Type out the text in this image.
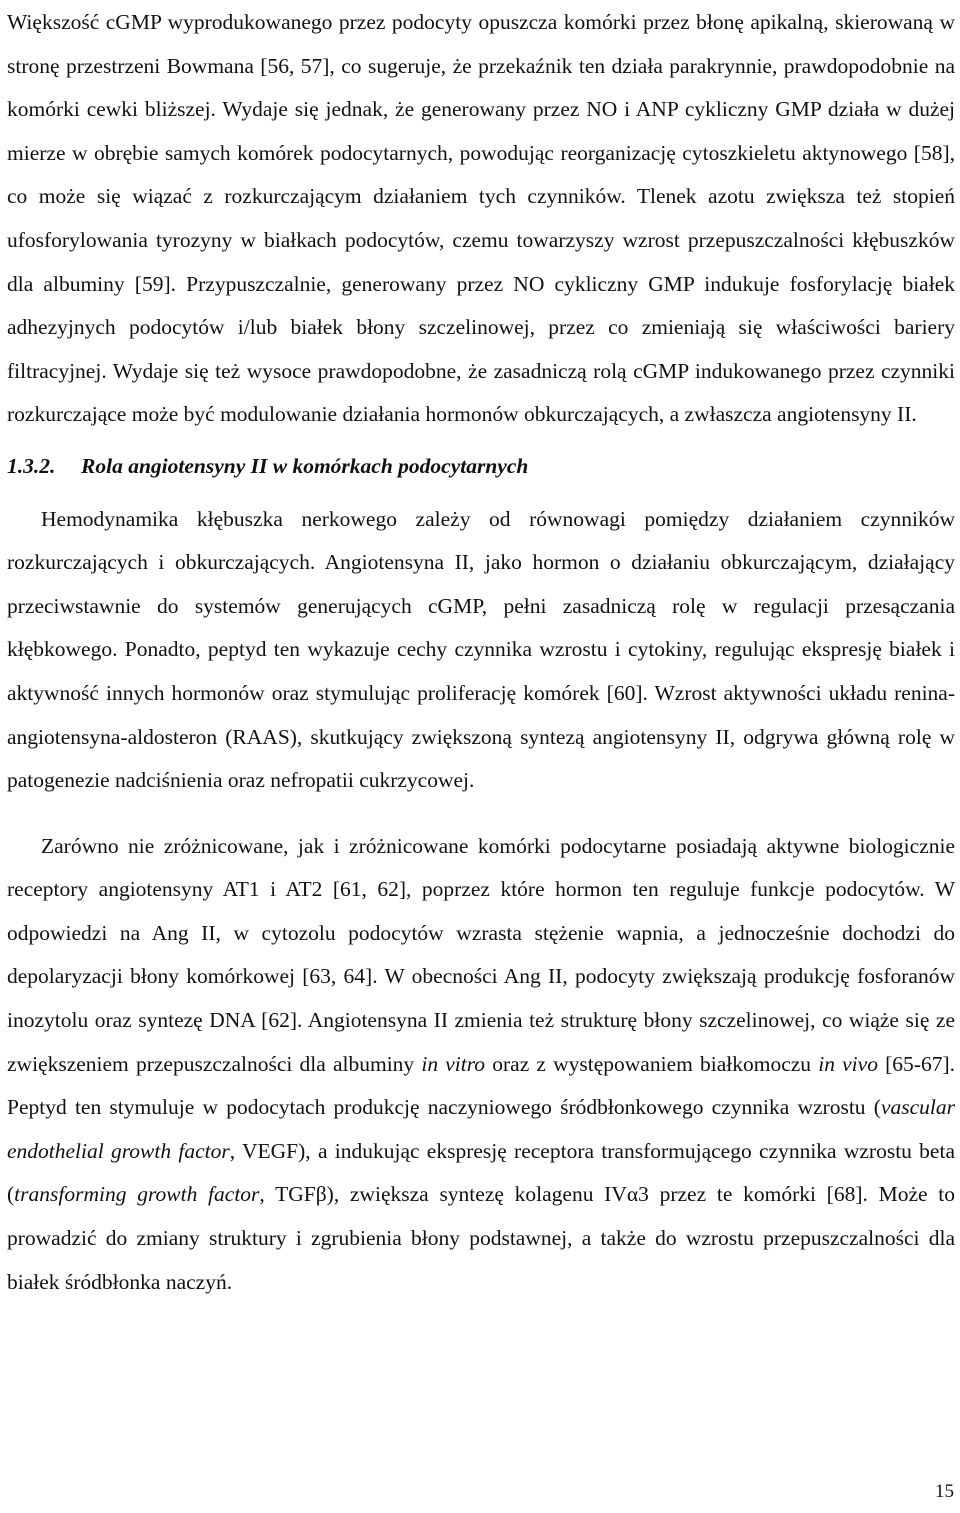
Większość cGMP wyprodukowanego przez podocyty opuszcza komórki przez błonę apikalną, skierowaną w stronę przestrzeni Bowmana [56, 57], co sugeruje, że przekaźnik ten działa parakrynnie, prawdopodobnie na komórki cewki bliższej. Wydaje się jednak, że generowany przez NO i ANP cykliczny GMP działa w dużej mierze w obrębie samych komórek podocytarnych, powodując reorganizację cytoszkieletu aktynowego [58], co może się wiązać z rozkurczającym działaniem tych czynników. Tlenek azotu zwiększa też stopień ufosforylowania tyrozyny w białkach podocytów, czemu towarzyszy wzrost przepuszczalności kłębuszków dla albuminy [59]. Przypuszczalnie, generowany przez NO cykliczny GMP indukuje fosforylację białek adhezyjnych podocytów i/lub białek błony szczelinowej, przez co zmieniają się właściwości bariery filtracyjnej. Wydaje się też wysoce prawdopodobne, że zasadniczą rolą cGMP indukowanego przez czynniki rozkurczające może być modulowanie działania hormonów obkurczających, a zwłaszcza angiotensyny II.

1.3.2. Rola angiotensyny II w komórkach podocytarnych

Hemodynamika kłębuszka nerkowego zależy od równowagi pomiędzy działaniem czynników rozkurczających i obkurczających. Angiotensyna II, jako hormon o działaniu obkurczającym, działający przeciwstawnie do systemów generujących cGMP, pełni zasadniczą rolę w regulacji przesączania kłębkowego. Ponadto, peptyd ten wykazuje cechy czynnika wzrostu i cytokiny, regulując ekspresję białek i aktywność innych hormonów oraz stymulując proliferację komórek [60]. Wzrost aktywności układu renina-angiotensyna-aldosteron (RAAS), skutkujący zwiększoną syntezą angiotensyny II, odgrywa główną rolę w patogenezie nadciśnienia oraz nefropatii cukrzycowej.

Zarówno nie zróżnicowane, jak i zróżnicowane komórki podocytarne posiadają aktywne biologicznie receptory angiotensyny AT1 i AT2 [61, 62], poprzez które hormon ten reguluje funkcje podocytów. W odpowiedzi na Ang II, w cytozolu podocytów wzrasta stężenie wapnia, a jednocześnie dochodzi do depolaryzacji błony komórkowej [63, 64]. W obecności Ang II, podocyty zwiększają produkcję fosforanów inozytolu oraz syntezę DNA [62]. Angiotensyna II zmienia też strukturę błony szczelinowej, co wiąże się ze zwiększeniem przepuszczalności dla albuminy in vitro oraz z występowaniem białkomoczu in vivo [65-67]. Peptyd ten stymuluje w podocytach produkcję naczyniowego śródbłonkowego czynnika wzrostu (vascular endothelial growth factor, VEGF), a indukując ekspresję receptora transformującego czynnika wzrostu beta (transforming growth factor, TGFβ), zwiększa syntezę kolagenu IVα3 przez te komórki [68]. Może to prowadzić do zmiany struktury i zgrubienia błony podstawnej, a także do wzrostu przepuszczalności dla białek śródbłonka naczyń.

15
